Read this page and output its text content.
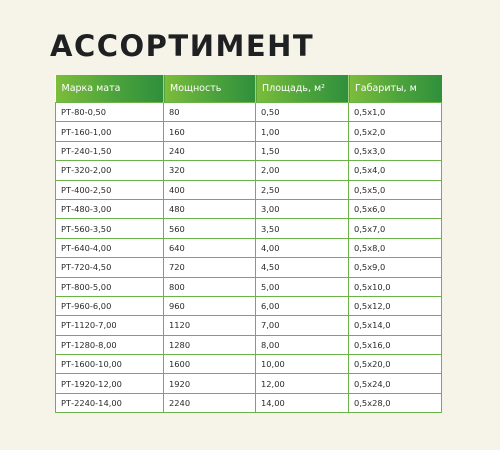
АССОРТИМЕНТ
Марка мата	Мощность	Площадь, м²	Габариты, м
РТ-80-0,50	80	0,50	0,5х1,0
РТ-160-1,00	160	1,00	0,5х2,0
РТ-240-1,50	240	1,50	0,5х3,0
РТ-320-2,00	320	2,00	0,5х4,0
РТ-400-2,50	400	2,50	0,5х5,0
РТ-480-3,00	480	3,00	0,5х6,0
РТ-560-3,50	560	3,50	0,5х7,0
РТ-640-4,00	640	4,00	0,5х8,0
РТ-720-4,50	720	4,50	0,5х9,0
РТ-800-5,00	800	5,00	0,5х10,0
РТ-960-6,00	960	6,00	0,5х12,0
РТ-1120-7,00	1120	7,00	0,5х14,0
РТ-1280-8,00	1280	8,00	0,5х16,0
РТ-1600-10,00	1600	10,00	0,5х20,0
РТ-1920-12,00	1920	12,00	0,5х24,0
РТ-2240-14,00	2240	14,00	0,5х28,0
